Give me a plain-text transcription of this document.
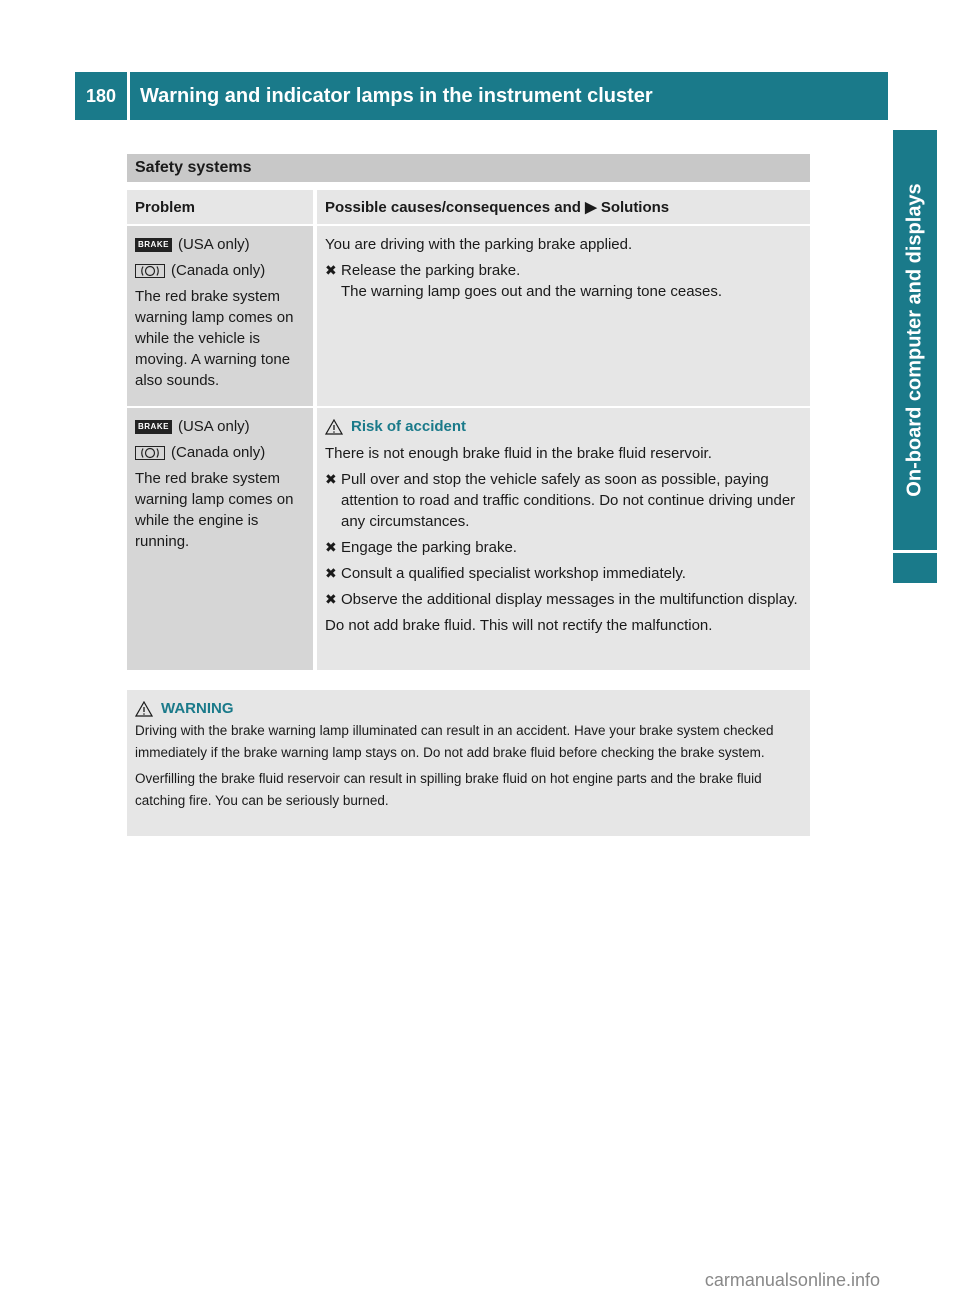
180	Warning and indicator lamps in the instrument cluster
On-board computer and displays
Safety systems
Problem	Possible causes/consequences and ▶ Solutions
BRAKE (USA only)
(Canada only)
The red brake system warning lamp comes on while the vehicle is moving. A warning tone also sounds.
You are driving with the parking brake applied.
✖ Release the parking brake.
The warning lamp goes out and the warning tone ceases.
BRAKE (USA only)
(Canada only)
The red brake system warning lamp comes on while the engine is running.
Risk of accident
There is not enough brake fluid in the brake fluid reservoir.
✖ Pull over and stop the vehicle safely as soon as possible, paying attention to road and traffic conditions. Do not continue driving under any circumstances.
✖ Engage the parking brake.
✖ Consult a qualified specialist workshop immediately.
✖ Observe the additional display messages in the multifunction display.
Do not add brake fluid. This will not rectify the malfunction.
WARNING
Driving with the brake warning lamp illuminated can result in an accident. Have your brake system checked immediately if the brake warning lamp stays on. Do not add brake fluid before checking the brake system.
Overfilling the brake fluid reservoir can result in spilling brake fluid on hot engine parts and the brake fluid catching fire. You can be seriously burned.
carmanualsonline.info
